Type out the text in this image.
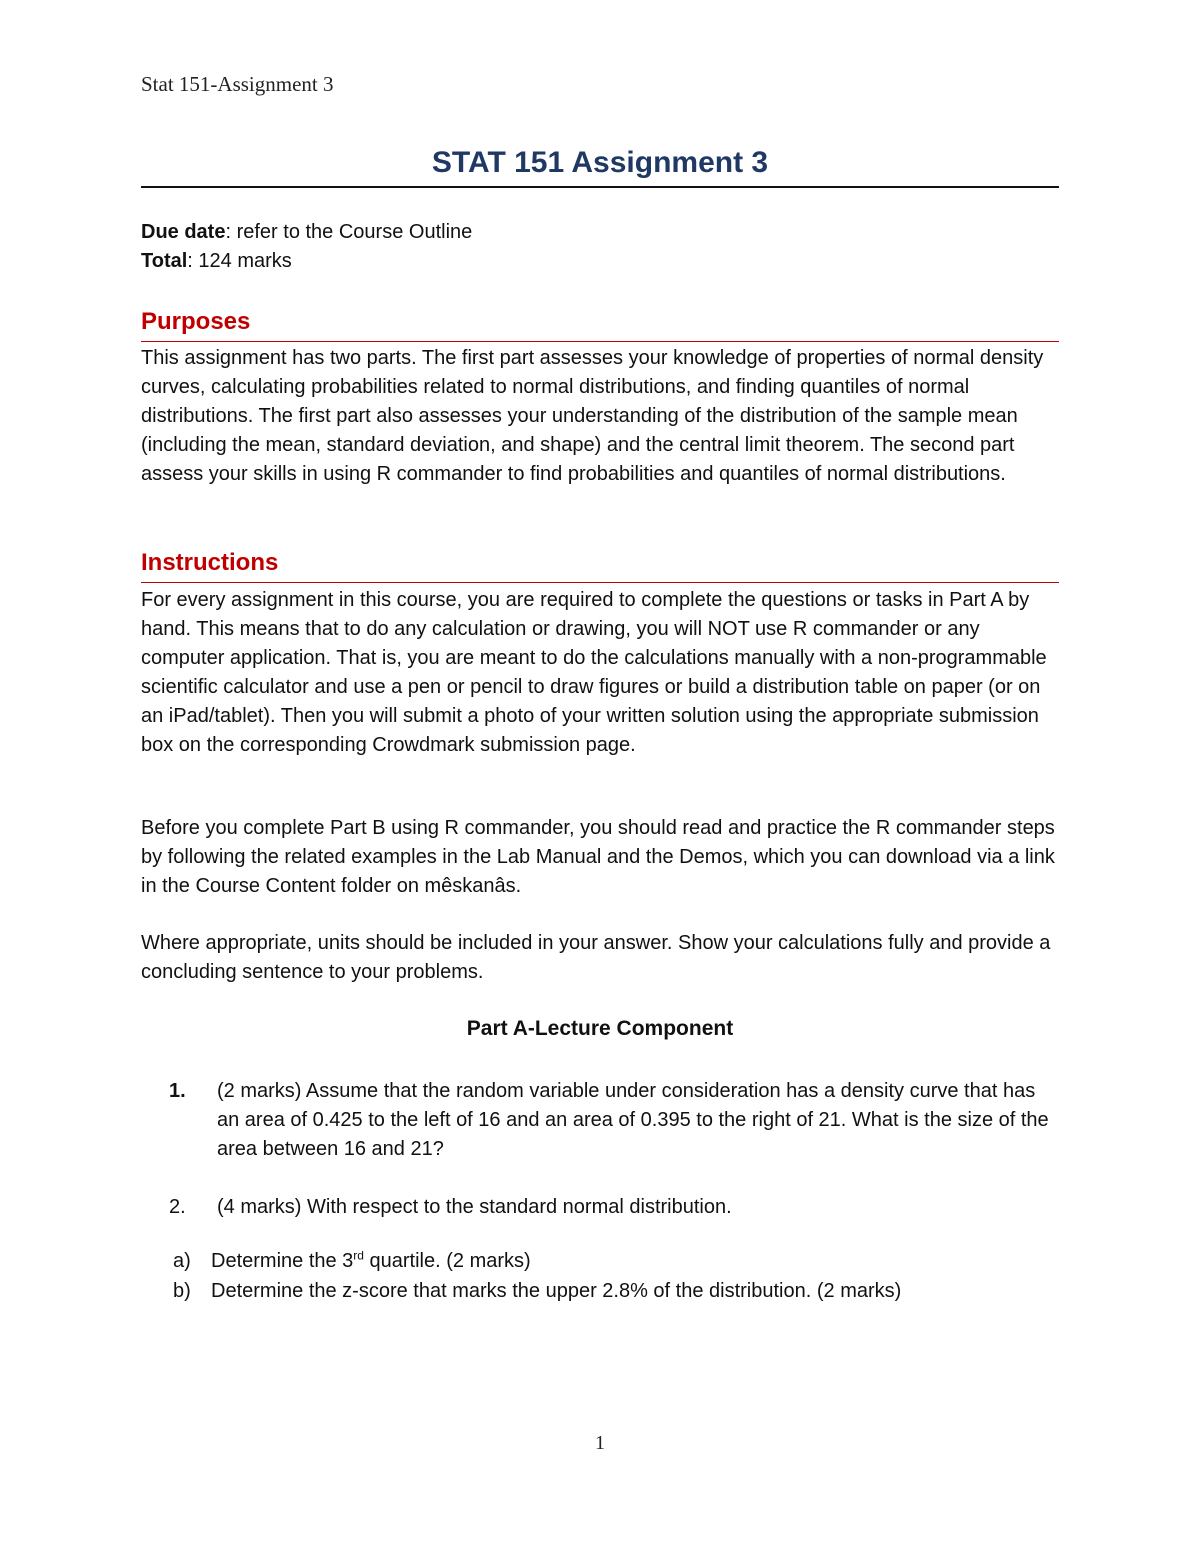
Stat 151-Assignment 3
STAT 151 Assignment 3
Due date: refer to the Course Outline
Total: 124 marks
Purposes
This assignment has two parts. The first part assesses your knowledge of properties of normal density curves, calculating probabilities related to normal distributions, and finding quantiles of normal distributions. The first part also assesses your understanding of the distribution of the sample mean (including the mean, standard deviation, and shape) and the central limit theorem. The second part assess your skills in using R commander to find probabilities and quantiles of normal distributions.
Instructions
For every assignment in this course, you are required to complete the questions or tasks in Part A by hand. This means that to do any calculation or drawing, you will NOT use R commander or any computer application. That is, you are meant to do the calculations manually with a non-programmable scientific calculator and use a pen or pencil to draw figures or build a distribution table on paper (or on an iPad/tablet). Then you will submit a photo of your written solution using the appropriate submission box on the corresponding Crowdmark submission page.
Before you complete Part B using R commander, you should read and practice the R commander steps by following the related examples in the Lab Manual and the Demos, which you can download via a link in the Course Content folder on mêskanâs.
Where appropriate, units should be included in your answer. Show your calculations fully and provide a concluding sentence to your problems.
Part A-Lecture Component
1. (2 marks) Assume that the random variable under consideration has a density curve that has an area of 0.425 to the left of 16 and an area of 0.395 to the right of 21. What is the size of the area between 16 and 21?
2. (4 marks) With respect to the standard normal distribution.
a) Determine the 3rd quartile. (2 marks)
b) Determine the z-score that marks the upper 2.8% of the distribution. (2 marks)
1
